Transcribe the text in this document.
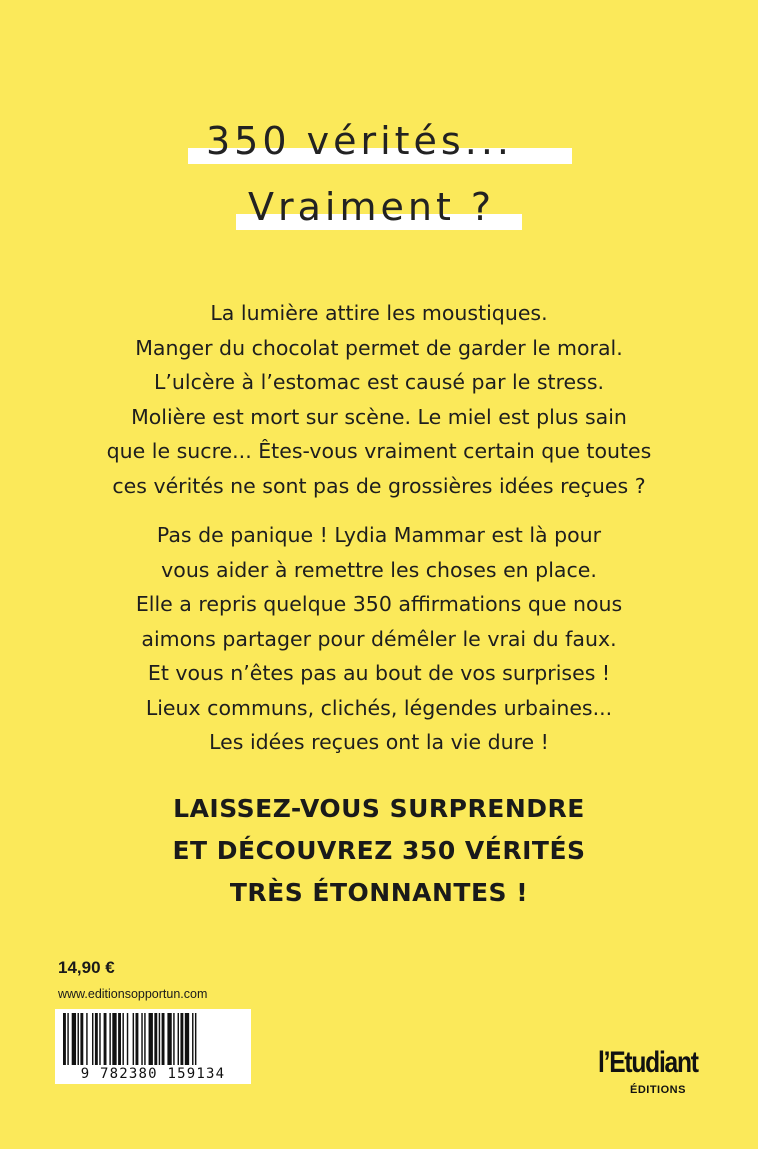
350 vérités...
Vraiment ?
La lumière attire les moustiques.
Manger du chocolat permet de garder le moral.
L’ulcère à l’estomac est causé par le stress.
Molière est mort sur scène. Le miel est plus sain
que le sucre... Êtes-vous vraiment certain que toutes
ces vérités ne sont pas de grossières idées reçues ?
Pas de panique ! Lydia Mammar est là pour
vous aider à remettre les choses en place.
Elle a repris quelque 350 affirmations que nous
aimons partager pour démêler le vrai du faux.
Et vous n’êtes pas au bout de vos surprises !
Lieux communs, clichés, légendes urbaines...
Les idées reçues ont la vie dure !
LAISSEZ-VOUS SURPRENDRE
ET DÉCOUVREZ 350 VÉRITÉS
TRÈS ÉTONNANTES !
14,90 €
www.editionsopportun.com
9 782380 159134	l’Etudiant
ÉDITIONS
